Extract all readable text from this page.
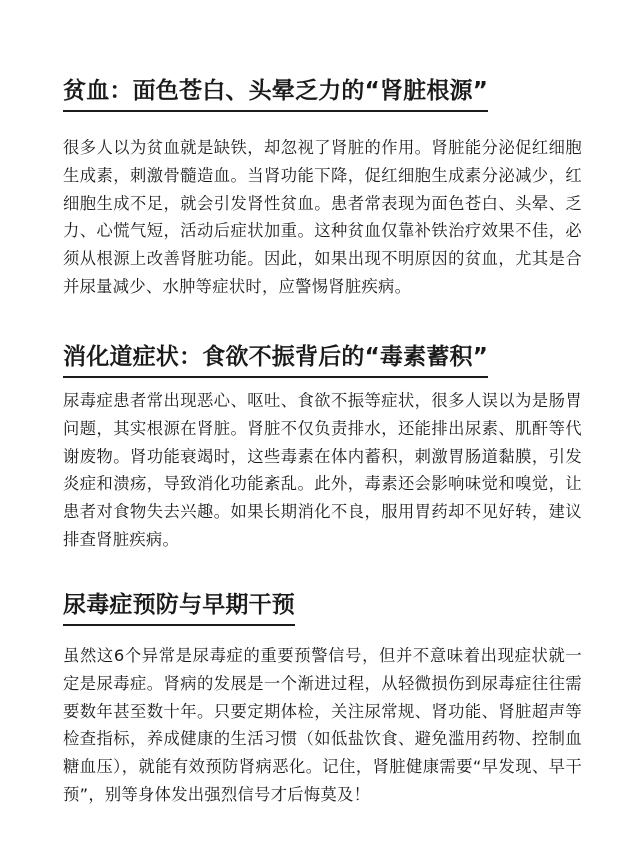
贫血：面色苍白、头晕乏力的“肾脏根源”

很多人以为贫血就是缺铁，却忽视了肾脏的作用。肾脏能分泌促红细胞生成素，刺激骨髓造血。当肾功能下降，促红细胞生成素分泌减少，红细胞生成不足，就会引发肾性贫血。患者常表现为面色苍白、头晕、乏力、心慌气短，活动后症状加重。这种贫血仅靠补铁治疗效果不佳，必须从根源上改善肾脏功能。因此，如果出现不明原因的贫血，尤其是合并尿量减少、水肿等症状时，应警惕肾脏疾病。

消化道症状：食欲不振背后的“毒素蓄积”

尿毒症患者常出现恶心、呕吐、食欲不振等症状，很多人误以为是肠胃问题，其实根源在肾脏。肾脏不仅负责排水，还能排出尿素、肌酐等代谢废物。肾功能衰竭时，这些毒素在体内蓄积，刺激胃肠道黏膜，引发炎症和溃疡，导致消化功能紊乱。此外，毒素还会影响味觉和嗅觉，让患者对食物失去兴趣。如果长期消化不良，服用胃药却不见好转，建议排查肾脏疾病。

尿毒症预防与早期干预

虽然这6个异常是尿毒症的重要预警信号，但并不意味着出现症状就一定是尿毒症。肾病的发展是一个渐进过程，从轻微损伤到尿毒症往往需要数年甚至数十年。只要定期体检，关注尿常规、肾功能、肾脏超声等检查指标，养成健康的生活习惯（如低盐饮食、避免滥用药物、控制血糖血压），就能有效预防肾病恶化。记住，肾脏健康需要“早发现、早干预”，别等身体发出强烈信号才后悔莫及！
